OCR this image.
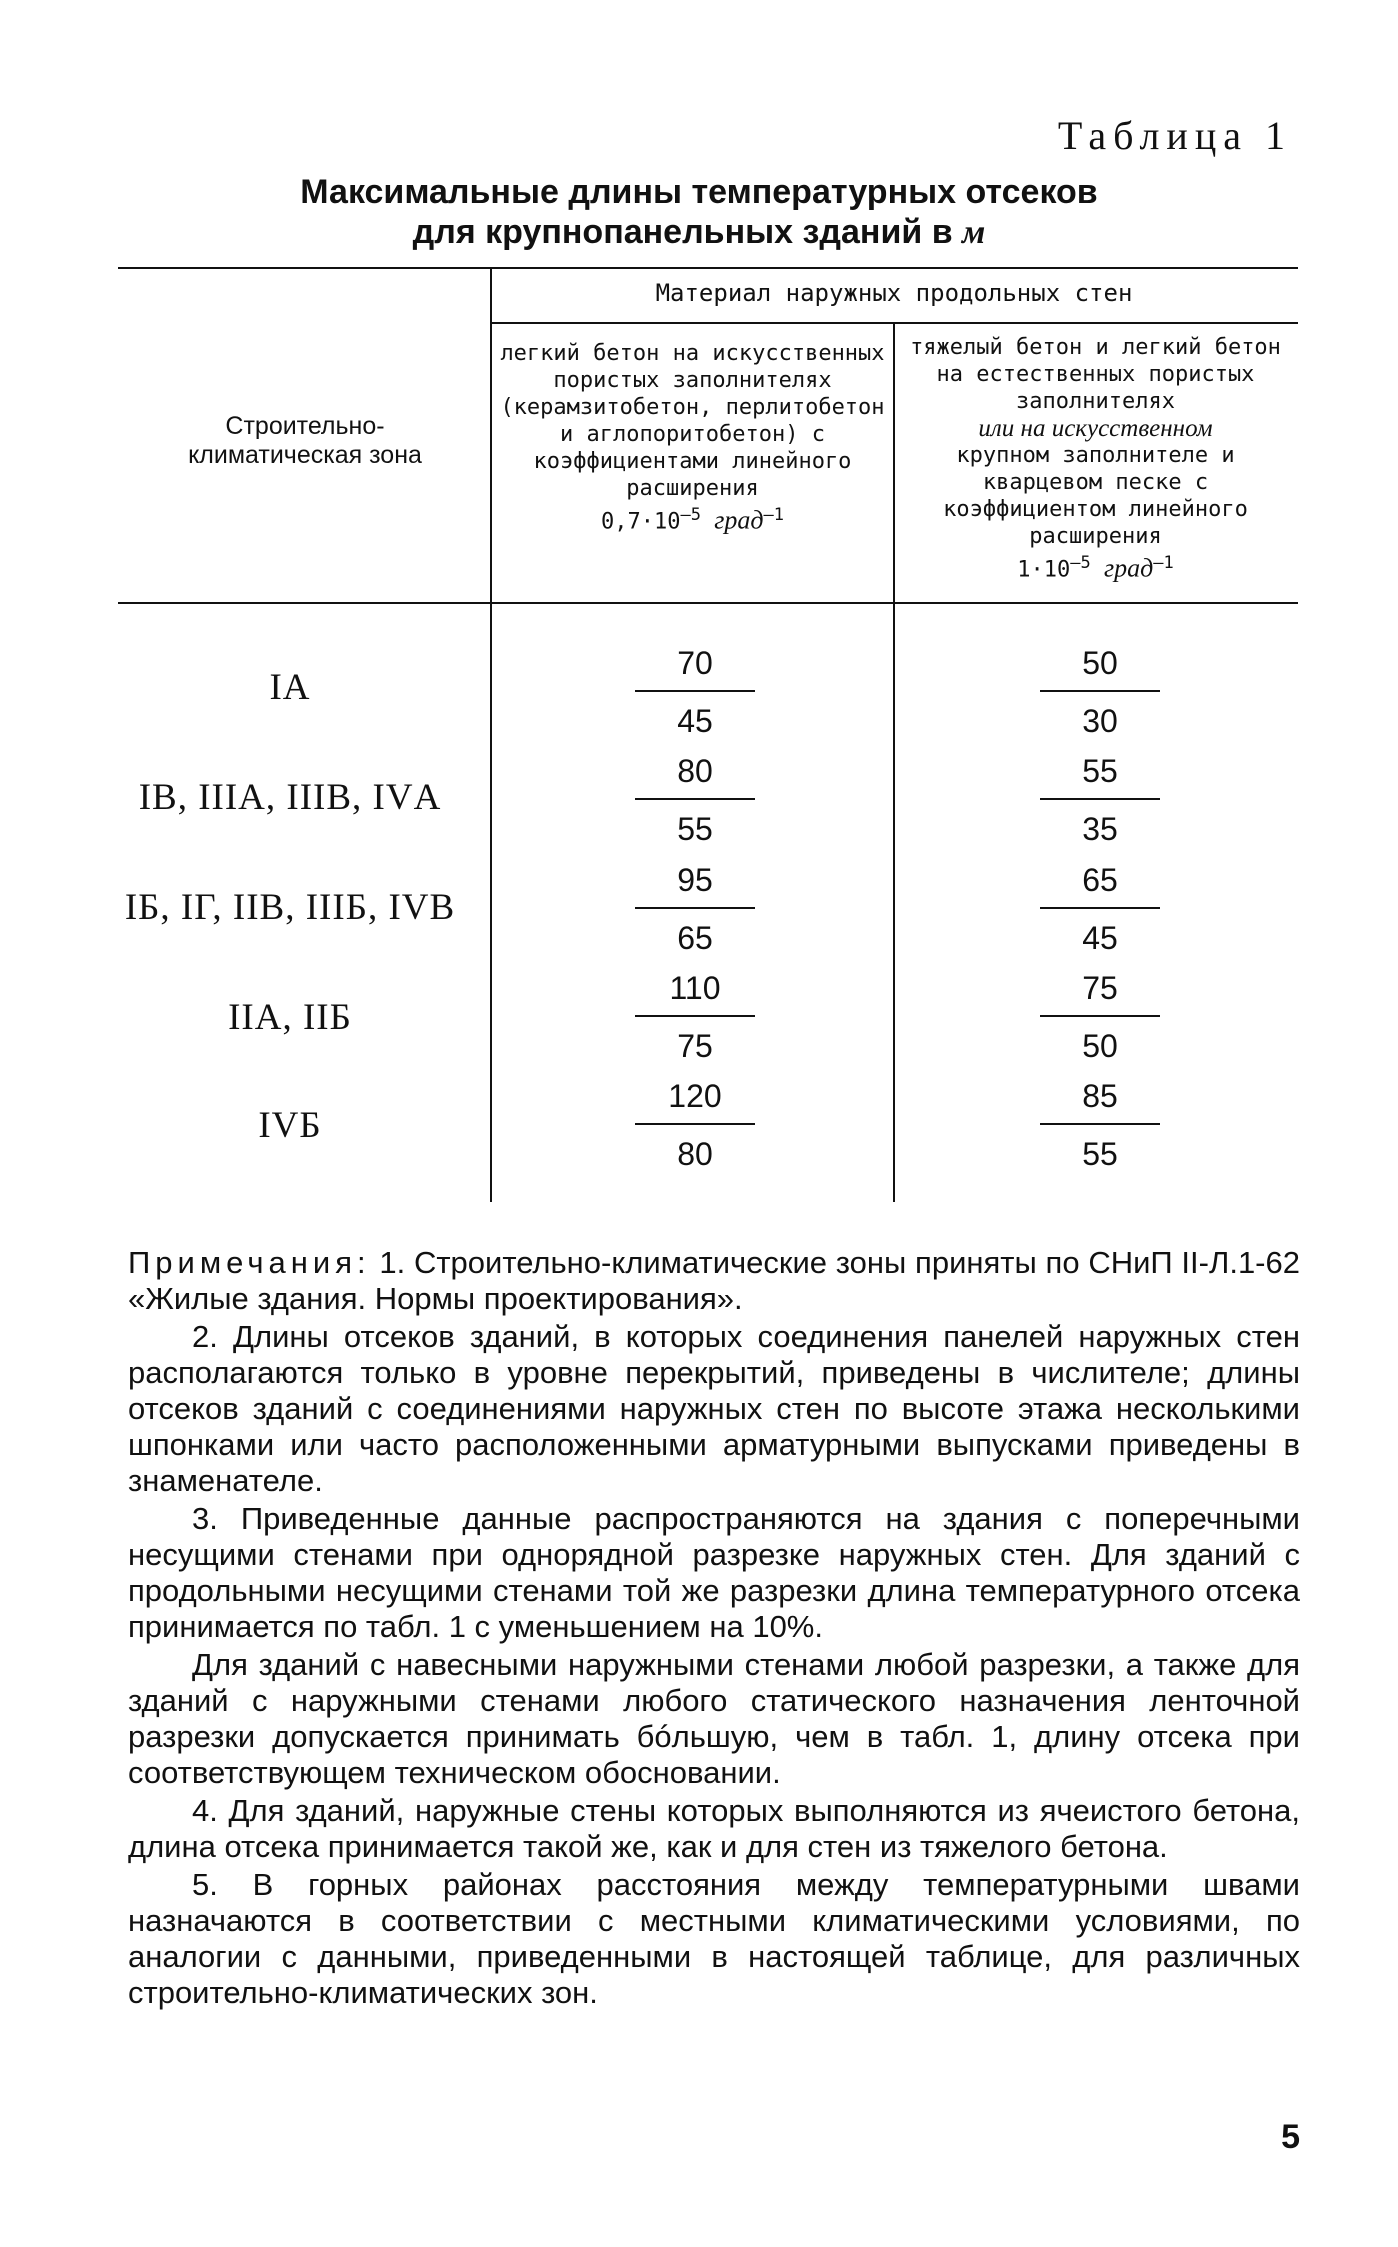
Таблица 1
Максимальные длины температурных отсеков
для крупнопанельных зданий в м
Строительно-климатическая зона
Материал наружных продольных стен
легкий бетон на искусственных пористых заполнителях (керамзитобетон, перлитобетон и аглопоритобетон) с коэффициентами линейного расширения
$0,7\cdot 10^{—5}$ град$^{—1}$
тяжелый бетон и легкий бетон на естественных пористых заполнителях
или на искусственном
крупном заполнителе и кварцевом песке с коэффициентом линейного расширения
$1\cdot 10^{—5}$ град$^{—1}$
IА
70
45
50
30
IВ, IIIА, IIIВ, IVА
80
55
55
35
IБ, IГ, IIВ, IIIБ, IVВ
95
65
65
45
IIА, IIБ
110
75
75
50
IVБ
120
80
85
55

Примечания: 1. Строительно-климатические зоны приняты по СНиП II-Л.1-62 «Жилые здания. Нормы проектирования».

2. Длины отсеков зданий, в которых соединения панелей наружных стен располагаются только в уровне перекрытий, приведены в числителе; длины отсеков зданий с соединениями наружных стен по высоте этажа несколькими шпонками или часто расположенными арматурными выпусками приведены в знаменателе.

3. Приведенные данные распространяются на здания с поперечными несущими стенами при однорядной разрезке наружных стен. Для зданий с продольными несущими стенами той же разрезки длина температурного отсека принимается по табл. 1 с уменьшением на 10%.

Для зданий с навесными наружными стенами любой разрезки, а также для зданий с наружными стенами любого статического назначения ленточной разрезки допускается принимать бóльшую, чем в табл. 1, длину отсека при соответствующем техническом обосновании.

4. Для зданий, наружные стены которых выполняются из ячеистого бетона, длина отсека принимается такой же, как и для стен из тяжелого бетона.

5. В горных районах расстояния между температурными швами назначаются в соответствии с местными климатическими условиями, по аналогии с данными, приведенными в настоящей таблице, для различных строительно-климатических зон.

5
